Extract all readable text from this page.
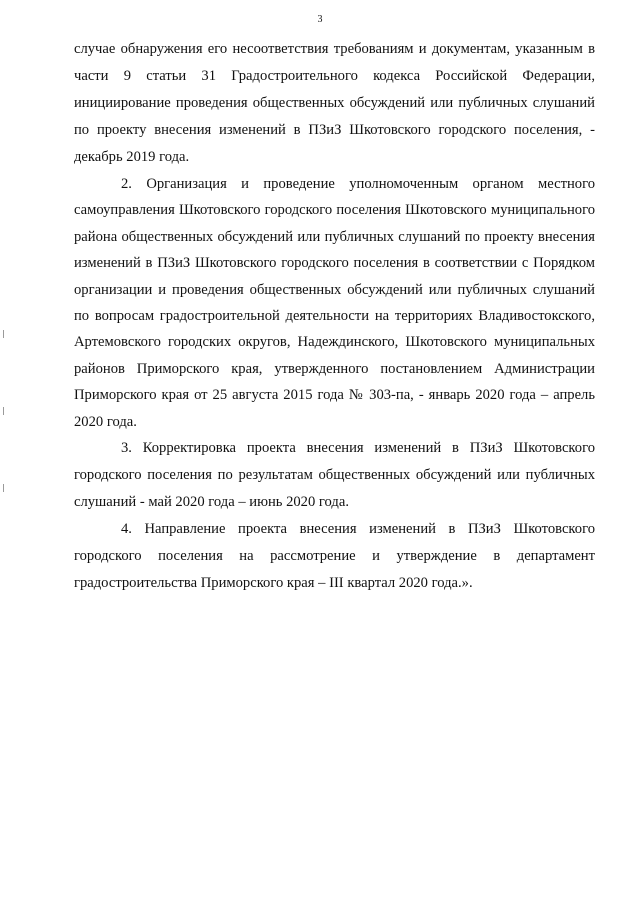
3

случае обнаружения его несоответствия требованиям и документам, указанным в части 9 статьи 31 Градостроительного кодекса Российской Федерации, инициирование проведения общественных обсуждений или публичных слушаний по проекту внесения изменений в ПЗиЗ Шкотовского городского поселения, - декабрь 2019 года.

2. Организация и проведение уполномоченным органом местного самоуправления Шкотовского городского поселения Шкотовского муниципального района общественных обсуждений или публичных слушаний по проекту внесения изменений в ПЗиЗ Шкотовского городского поселения в соответствии с Порядком организации и проведения общественных обсуждений или публичных слушаний по вопросам градостроительной деятельности на территориях Владивостокского, Артемовского городских округов, Надеждинского, Шкотовского муниципальных районов Приморского края, утвержденного постановлением Администрации Приморского края от 25 августа 2015 года № 303-па, - январь 2020 года – апрель 2020 года.

3. Корректировка проекта внесения изменений в ПЗиЗ Шкотовского городского поселения по результатам общественных обсуждений или публичных слушаний - май 2020 года – июнь 2020 года.

4. Направление проекта внесения изменений в ПЗиЗ Шкотовского городского поселения на рассмотрение и утверждение в департамент градостроительства Приморского края – III квартал 2020 года.».
